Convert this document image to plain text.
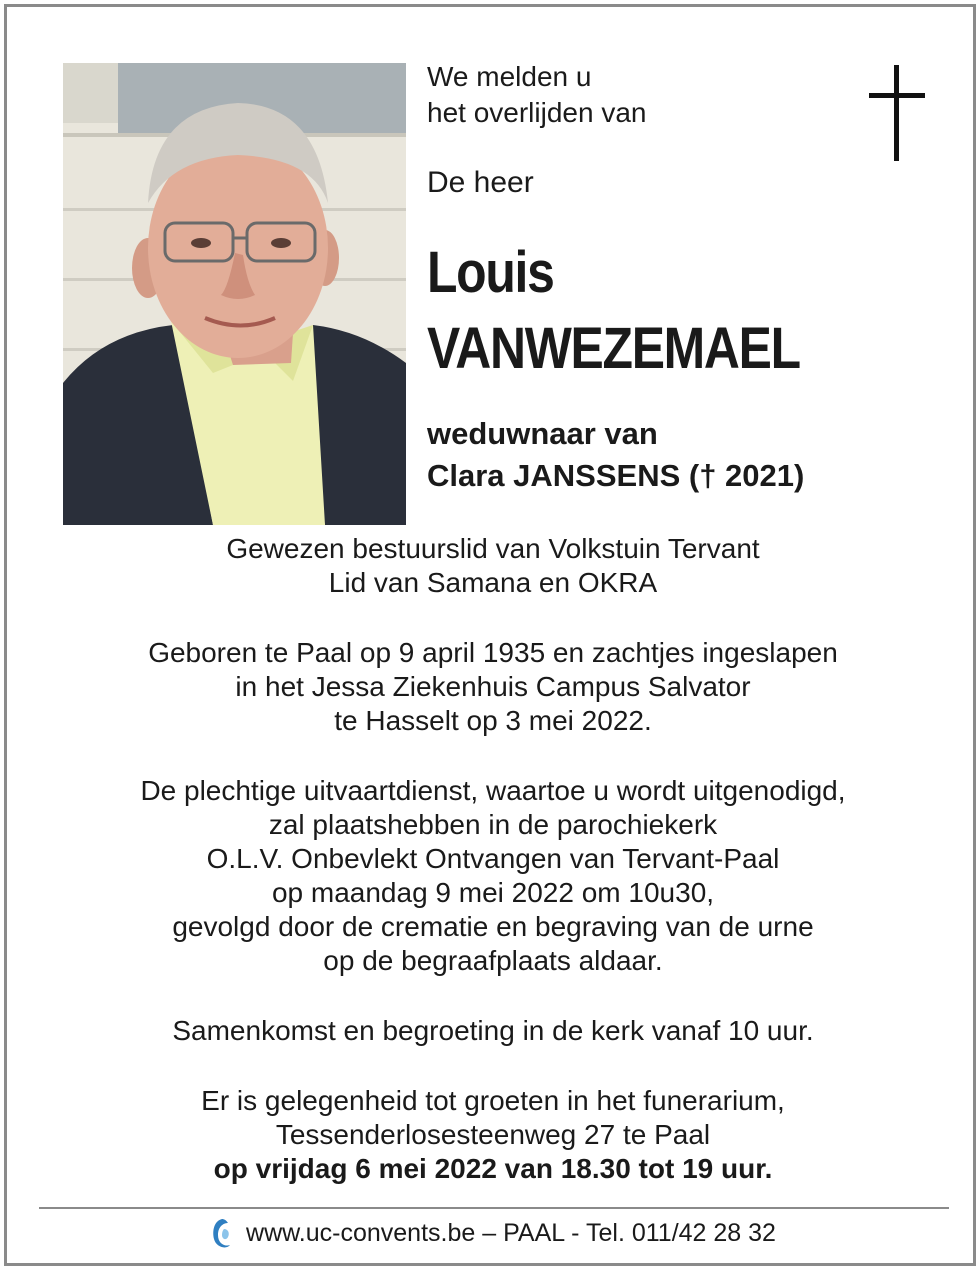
We melden u
het overlijden van
De heer
Louis
VANWEZEMAEL
weduwnaar van
Clara JANSSENS († 2021)

Gewezen bestuurslid van Volkstuin Tervant
Lid van Samana en OKRA

Geboren te Paal op 9 april 1935 en zachtjes ingeslapen
in het Jessa Ziekenhuis Campus Salvator
te Hasselt op 3 mei 2022.

De plechtige uitvaartdienst, waartoe u wordt uitgenodigd,
zal plaatshebben in de parochiekerk
O.L.V. Onbevlekt Ontvangen van Tervant-Paal
op maandag 9 mei 2022 om 10u30,
gevolgd door de crematie en begraving van de urne
op de begraafplaats aldaar.

Samenkomst en begroeting in de kerk vanaf 10 uur.

Er is gelegenheid tot groeten in het funerarium,
Tessenderlosesteenweg 27 te Paal
op vrijdag 6 mei 2022 van 18.30 tot 19 uur.

www.uc-convents.be – PAAL - Tel. 011/42 28 32
